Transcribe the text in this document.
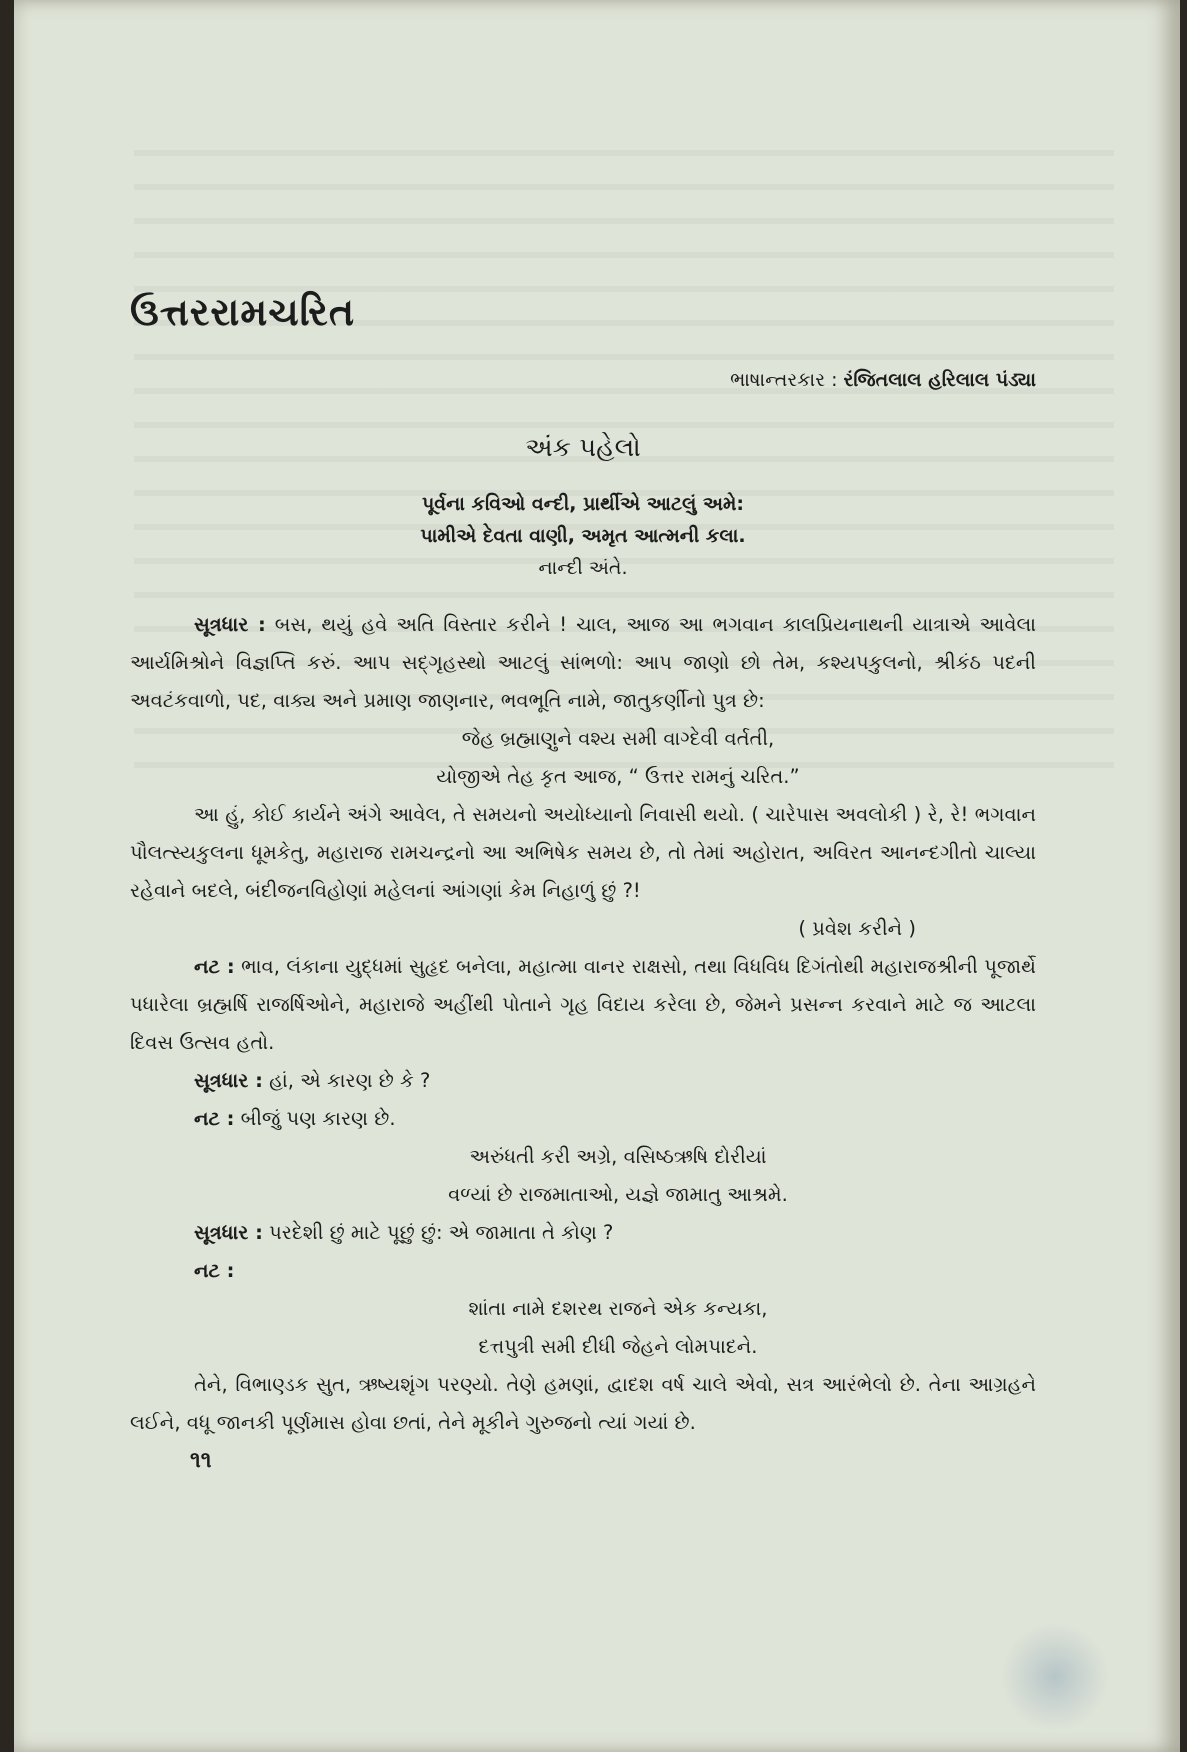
ઉત્તરરામચરિત
ભાષાન્તરકાર : રંજિતલાલ હરિલાલ પંડ્યા
અંક પહેલો
પૂર્વના કવિઓ વન્દી, પ્રાર્થીએ આટલું અમે:
પામીએ દેવતા વાણી, અમૃત આત્મની કલા.
નાન્દી અંતે.

સૂત્રધાર : બસ, થયું હવે અતિ વિસ્તાર કરીને ! ચાલ, આજ આ ભગવાન કાલપ્રિયનાથની યાત્રાએ આવેલા આર્યમિશ્રોને વિજ્ઞપ્તિ કરું. આપ સદ્ગૃહસ્થો આટલું સાંભળો: આપ જાણો છો તેમ, કશ્યપકુલનો, શ્રીકંઠ પદની અવટંકવાળો, પદ, વાક્ય અને પ્રમાણ જાણનાર, ભવભૂતિ નામે, જાતુકર્ણીનો પુત્ર છે:

જેહ બ્રહ્માણુને વશ્ય સમી વાગ્દેવી વર્તતી,
યોજીએ તેહ કૃત આજ, “ ઉત્તર રામનું ચરિત.”

આ હું, કોઈ કાર્યને અંગે આવેલ, તે સમયનો અયોધ્યાનો નિવાસી થયો. ( ચારેપાસ અવલોકી ) રે, રે! ભગવાન પૌલત્સ્યકુલના ધૂમકેતુ, મહારાજ રામચન્દ્રનો આ અભિષેક સમય છે, તો તેમાં અહોરાત, અવિરત આનન્દગીતો ચાલ્યા રહેવાને બદલે, બંદીજનવિહોણાં મહેલનાં આંગણાં કેમ નિહાળું છું ?!

( પ્રવેશ કરીને )

નટ : ભાવ, લંકાના યુદ્ધમાં સુહૃદ બનેલા, મહાત્મા વાનર રાક્ષસો, તથા વિધવિધ દિગંતોથી મહારાજશ્રીની પૂજાર્થે પધારેલા બ્રહ્મર્ષિ રાજર્ષિઓને, મહારાજે અહીંથી પોતાને ગૃહ વિદાય કરેલા છે, જેમને પ્રસન્ન કરવાને માટે જ આટલા દિવસ ઉત્સવ હતો.

સૂત્રધાર : હાં, એ કારણ છે કે ?
નટ : બીજું પણ કારણ છે.
અરુંધતી કરી અગ્રે, વસિષ્ઠઋષિ દોરીયાં
વળ્યાં છે રાજમાતાઓ, યજ્ઞે જામાતુ આશ્રમે.
સૂત્રધાર : પરદેશી છું માટે પૂછું છું: એ જામાતા તે કોણ ?
નટ :
શાંતા નામે દશરથ રાજને એક કન્યકા,
દત્તપુત્રી સમી દીધી જેહને લોમપાદને.

તેને, વિભાણ્ડક સુત, ઋષ્યશૃંગ પરણ્યો. તેણે હમણાં, દ્વાદશ વર્ષ ચાલે એવો, સત્ર આરંભેલો છે. તેના આગ્રહને લઈને, વધૂ જાનકી પૂર્ણમાસ હોવા છતાં, તેને મૂકીને ગુરુજનો ત્યાં ગયાં છે.

૧૧
